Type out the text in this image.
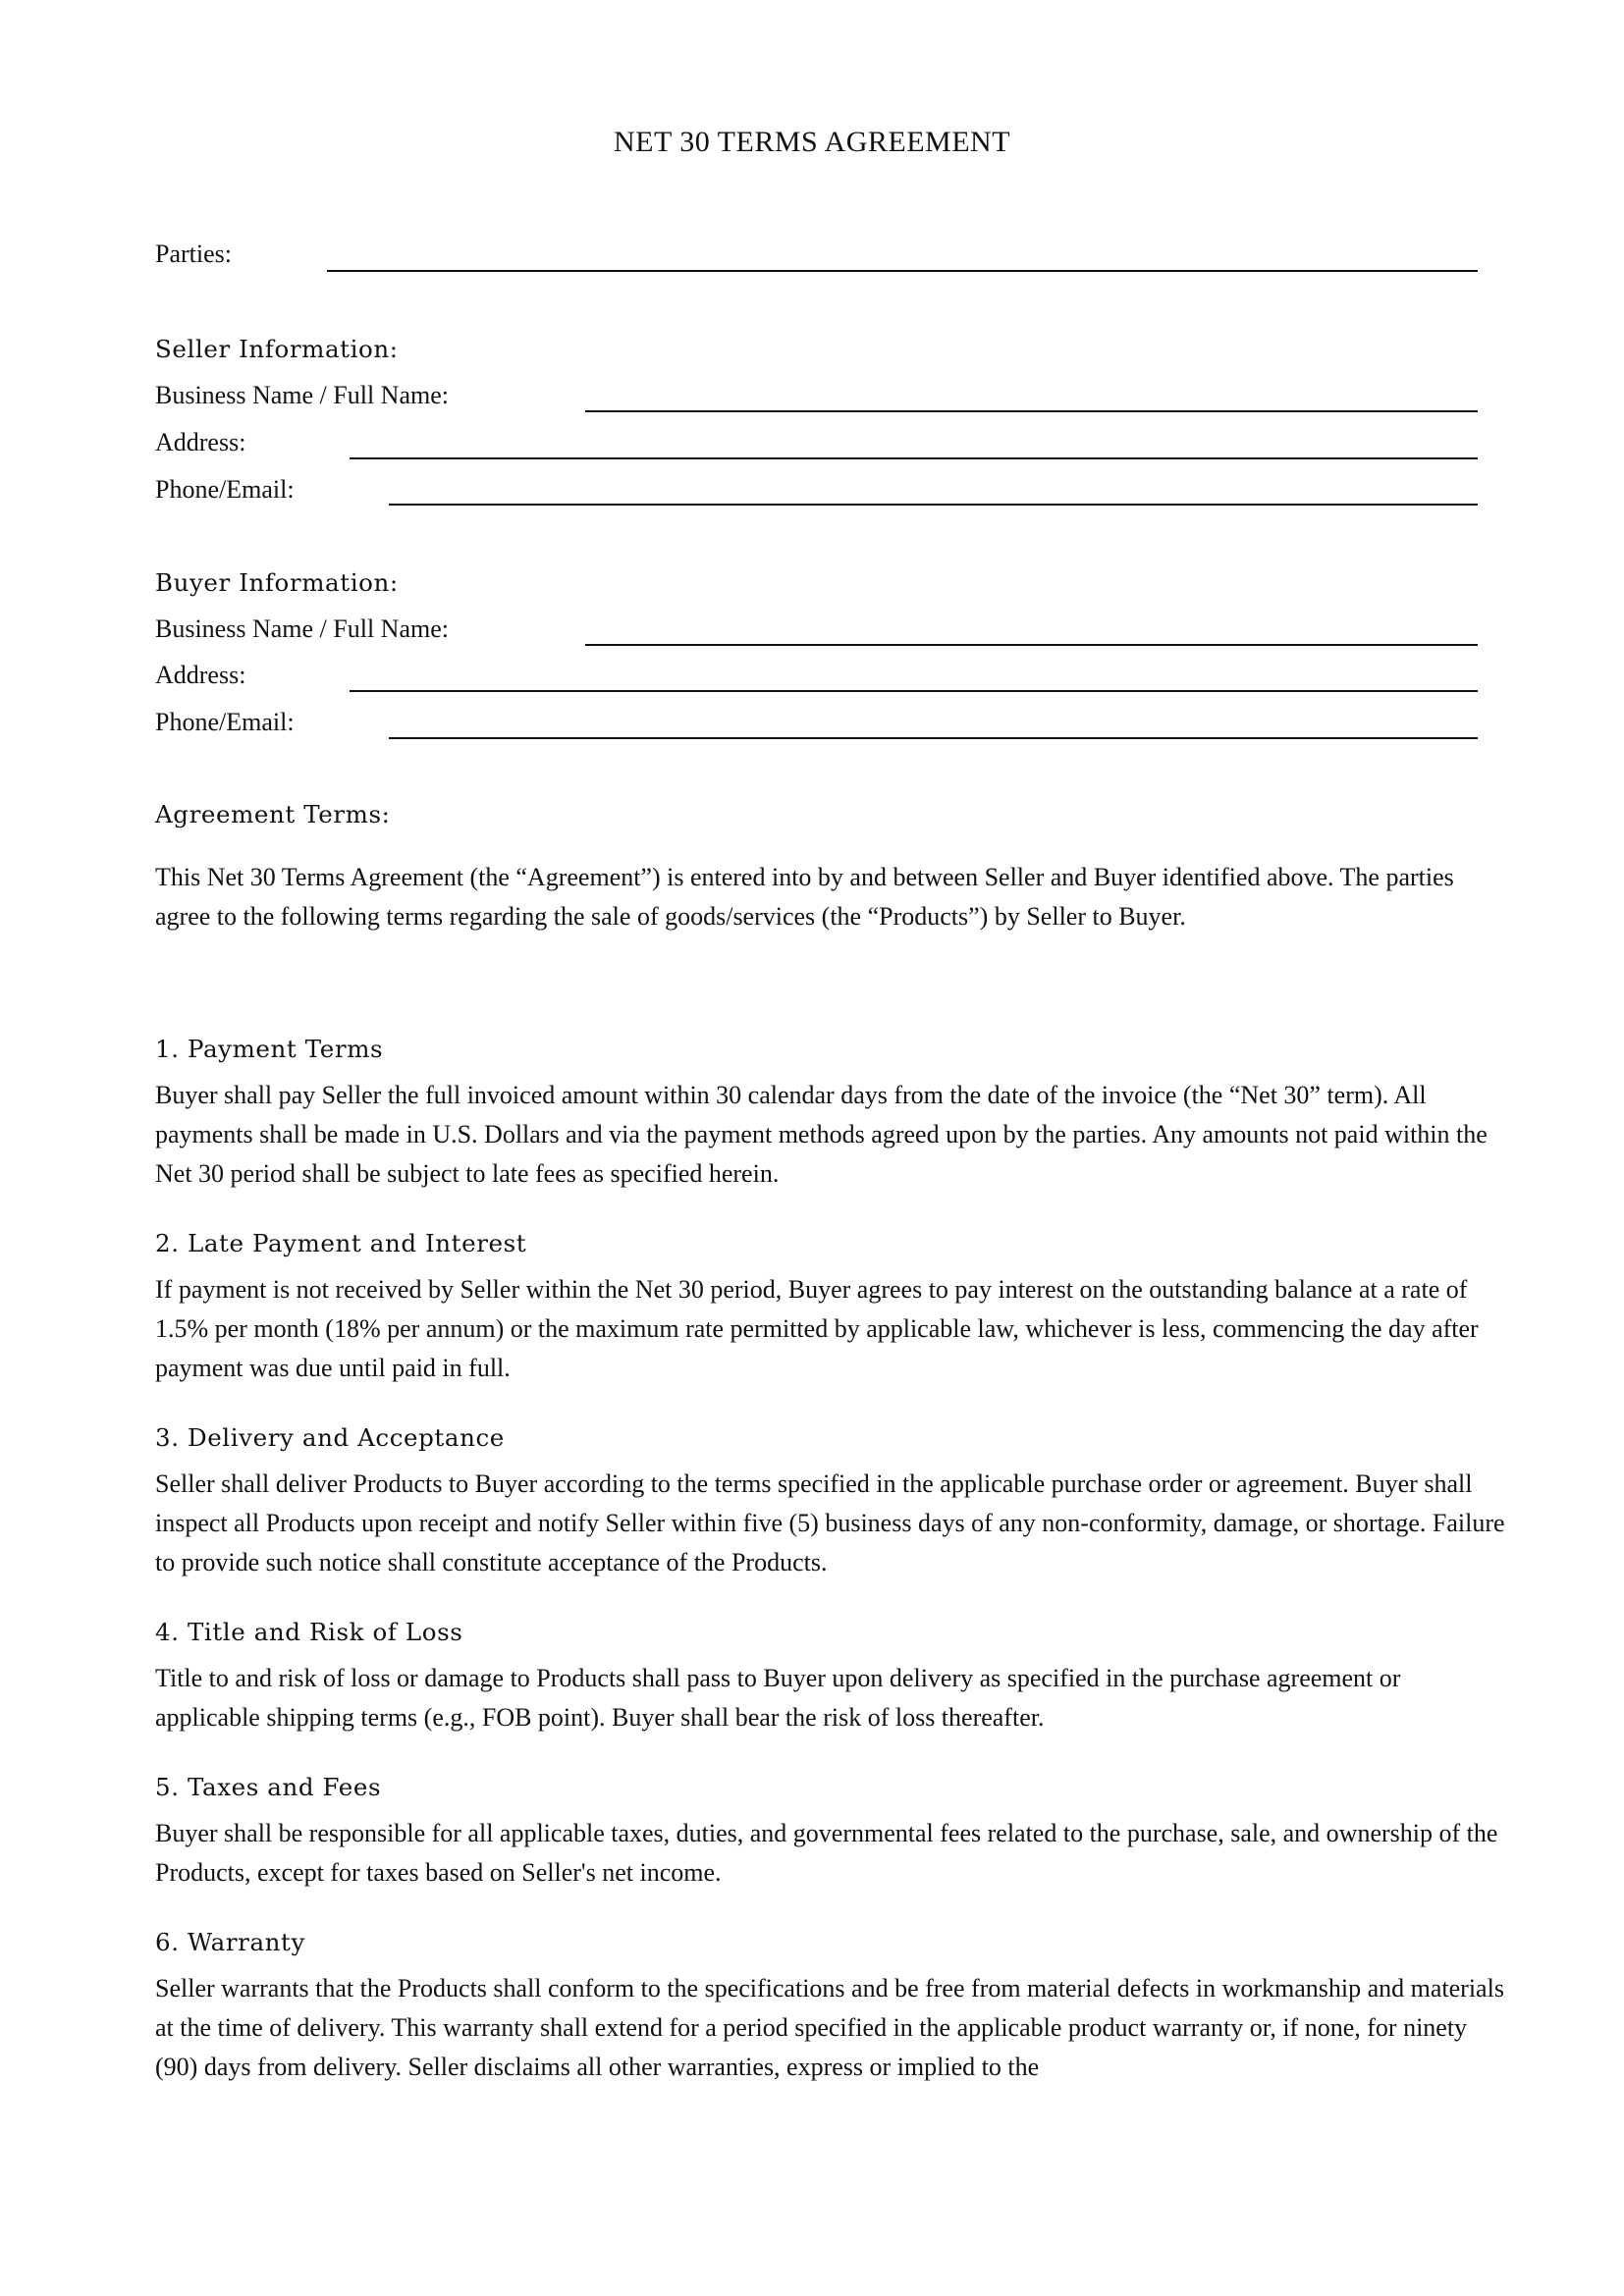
NET 30 TERMS AGREEMENT
Parties:
Seller Information:
Business Name / Full Name:
Address:
Phone/Email:
Buyer Information:
Business Name / Full Name:
Address:
Phone/Email:
Agreement Terms:
This Net 30 Terms Agreement (the “Agreement”) is entered into by and between Seller and Buyer identified above. The parties agree to the following terms regarding the sale of goods/services (the “Products”) by Seller to Buyer.
1. Payment Terms
Buyer shall pay Seller the full invoiced amount within 30 calendar days from the date of the invoice (the “Net 30” term). All payments shall be made in U.S. Dollars and via the payment methods agreed upon by the parties. Any amounts not paid within the Net 30 period shall be subject to late fees as specified herein.
2. Late Payment and Interest
If payment is not received by Seller within the Net 30 period, Buyer agrees to pay interest on the outstanding balance at a rate of 1.5% per month (18% per annum) or the maximum rate permitted by applicable law, whichever is less, commencing the day after payment was due until paid in full.
3. Delivery and Acceptance
Seller shall deliver Products to Buyer according to the terms specified in the applicable purchase order or agreement. Buyer shall inspect all Products upon receipt and notify Seller within five (5) business days of any non-conformity, damage, or shortage. Failure to provide such notice shall constitute acceptance of the Products.
4. Title and Risk of Loss
Title to and risk of loss or damage to Products shall pass to Buyer upon delivery as specified in the purchase agreement or applicable shipping terms (e.g., FOB point). Buyer shall bear the risk of loss thereafter.
5. Taxes and Fees
Buyer shall be responsible for all applicable taxes, duties, and governmental fees related to the purchase, sale, and ownership of the Products, except for taxes based on Seller's net income.
6. Warranty
Seller warrants that the Products shall conform to the specifications and be free from material defects in workmanship and materials at the time of delivery. This warranty shall extend for a period specified in the applicable product warranty or, if none, for ninety (90) days from delivery. Seller disclaims all other warranties, express or implied to the
